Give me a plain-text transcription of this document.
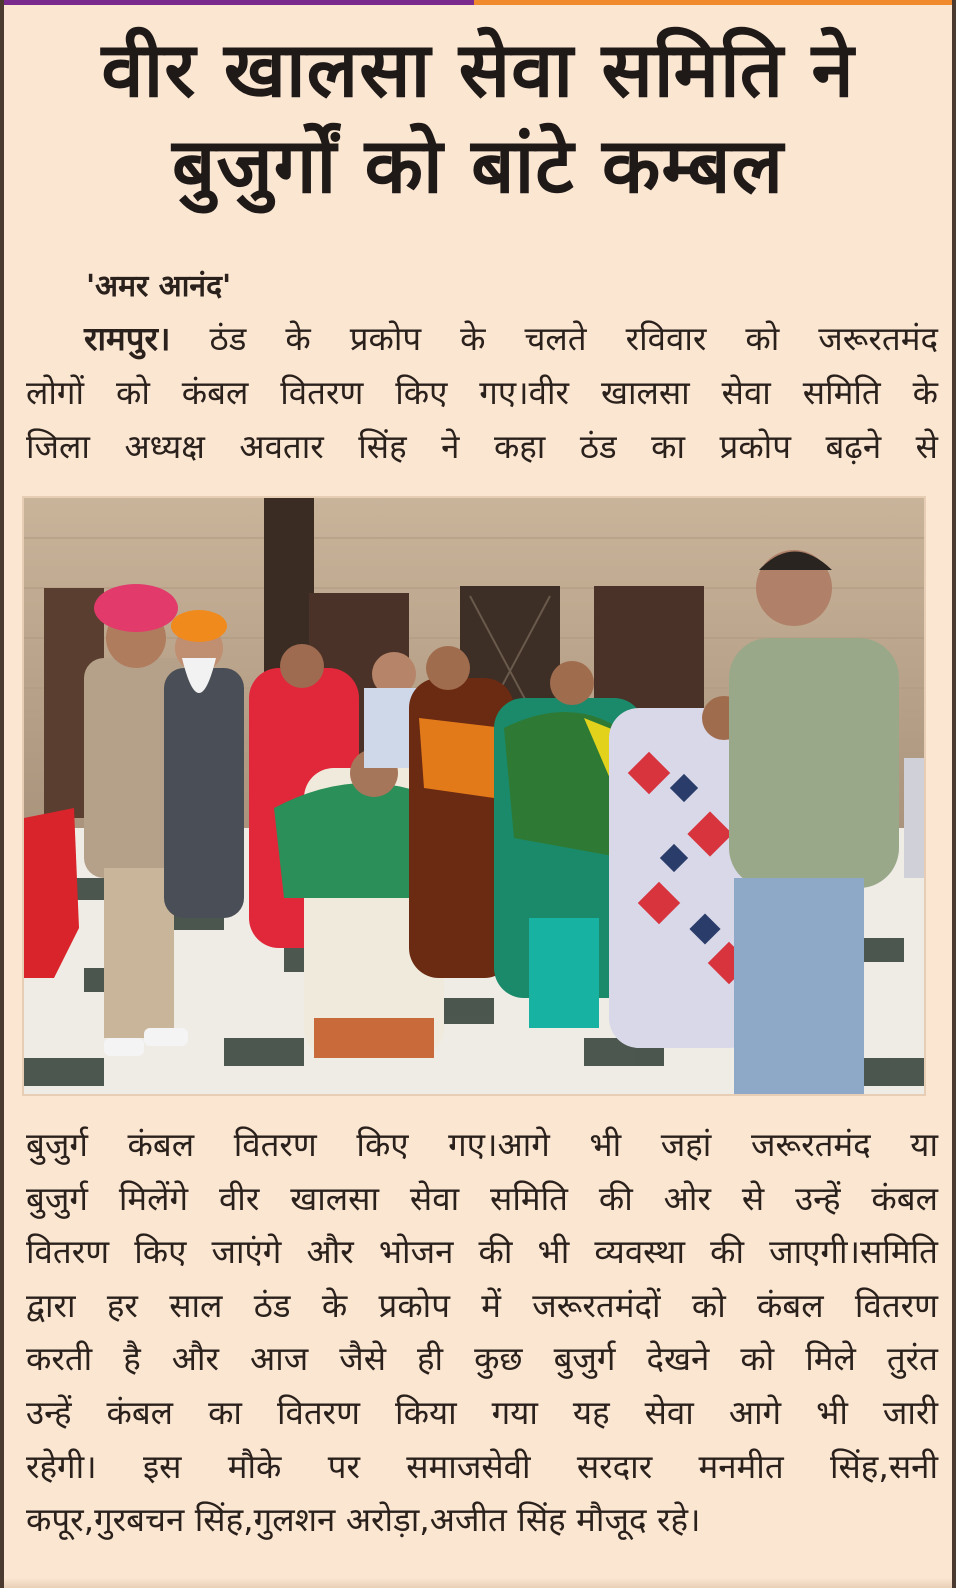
वीर खालसा सेवा समिति ने
बुजुर्गों को बांटे कम्बल
'अमर आनंद'
रामपुर। ठंड के प्रकोप के चलते रविवार को जरूरतमंद
लोगों को कंबल वितरण किए गए।वीर खालसा सेवा समिति के
जिला अध्यक्ष अवतार सिंह ने कहा ठंड का प्रकोप बढ़ने से
बुजुर्ग कंबल वितरण किए गए।आगे भी जहां जरूरतमंद या
बुजुर्ग मिलेंगे वीर खालसा सेवा समिति की ओर से उन्हें कंबल
वितरण किए जाएंगे और भोजन की भी व्यवस्था की जाएगी।समिति
द्वारा हर साल ठंड के प्रकोप में जरूरतमंदों को कंबल वितरण
करती है और आज जैसे ही कुछ बुजुर्ग देखने को मिले तुरंत
उन्हें कंबल का वितरण किया गया यह सेवा आगे भी जारी
रहेगी। इस मौके पर समाजसेवी सरदार मनमीत सिंह,सनी
कपूर,गुरबचन सिंह,गुलशन अरोड़ा,अजीत सिंह मौजूद रहे।
